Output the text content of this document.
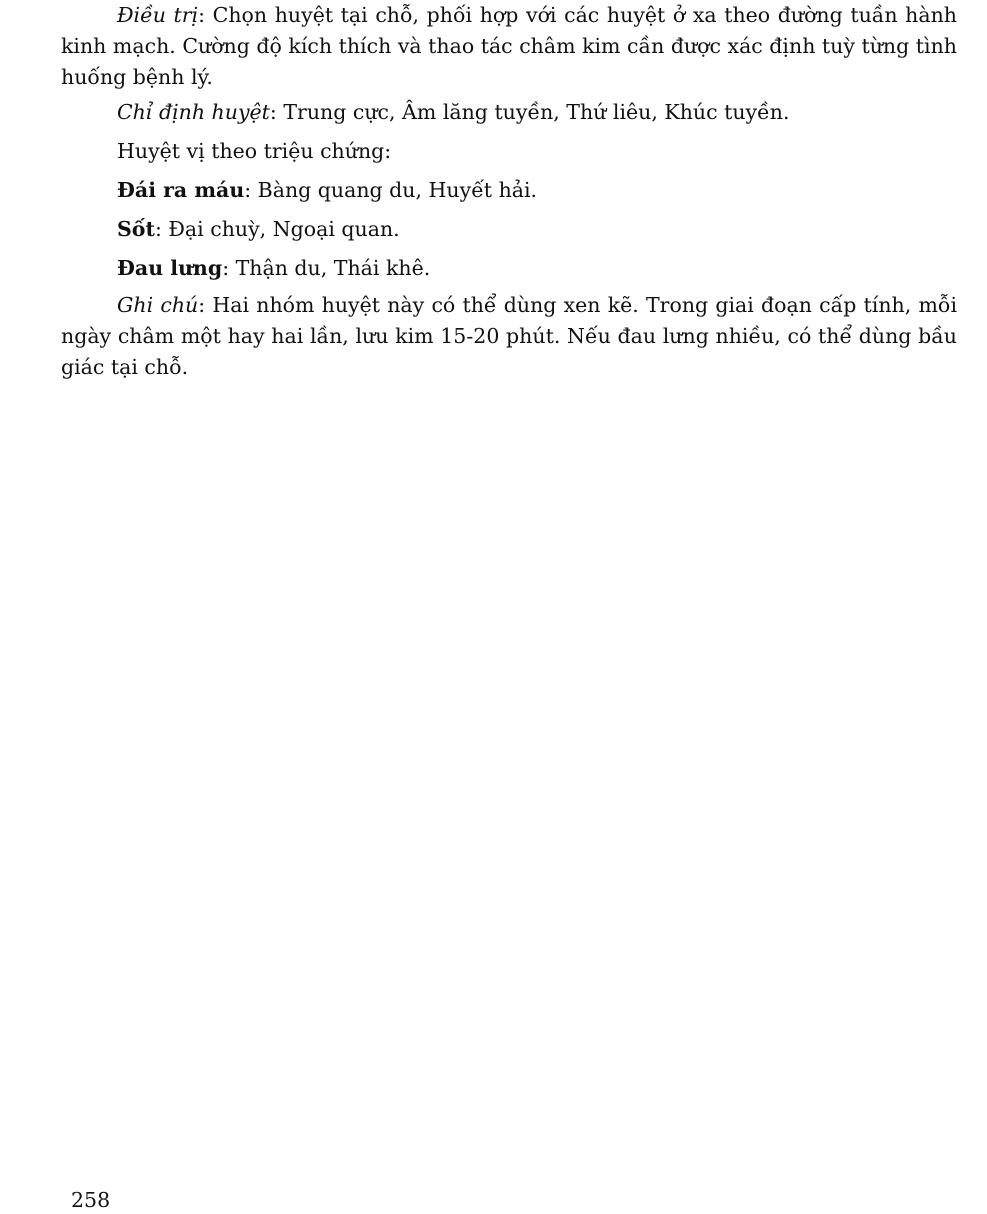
Điều trị: Chọn huyệt tại chỗ, phối hợp với các huyệt ở xa theo đường tuần hành kinh mạch. Cường độ kích thích và thao tác châm kim cần được xác định tuỳ từng tình huống bệnh lý.

Chỉ định huyệt: Trung cực, Âm lăng tuyền, Thứ liêu, Khúc tuyền.

Huyệt vị theo triệu chứng:

Đái ra máu: Bàng quang du, Huyết hải.

Sốt: Đại chuỳ, Ngoại quan.

Đau lưng: Thận du, Thái khê.

Ghi chú: Hai nhóm huyệt này có thể dùng xen kẽ. Trong giai đoạn cấp tính, mỗi ngày châm một hay hai lần, lưu kim 15-20 phút. Nếu đau lưng nhiều, có thể dùng bầu giác tại chỗ.

258
